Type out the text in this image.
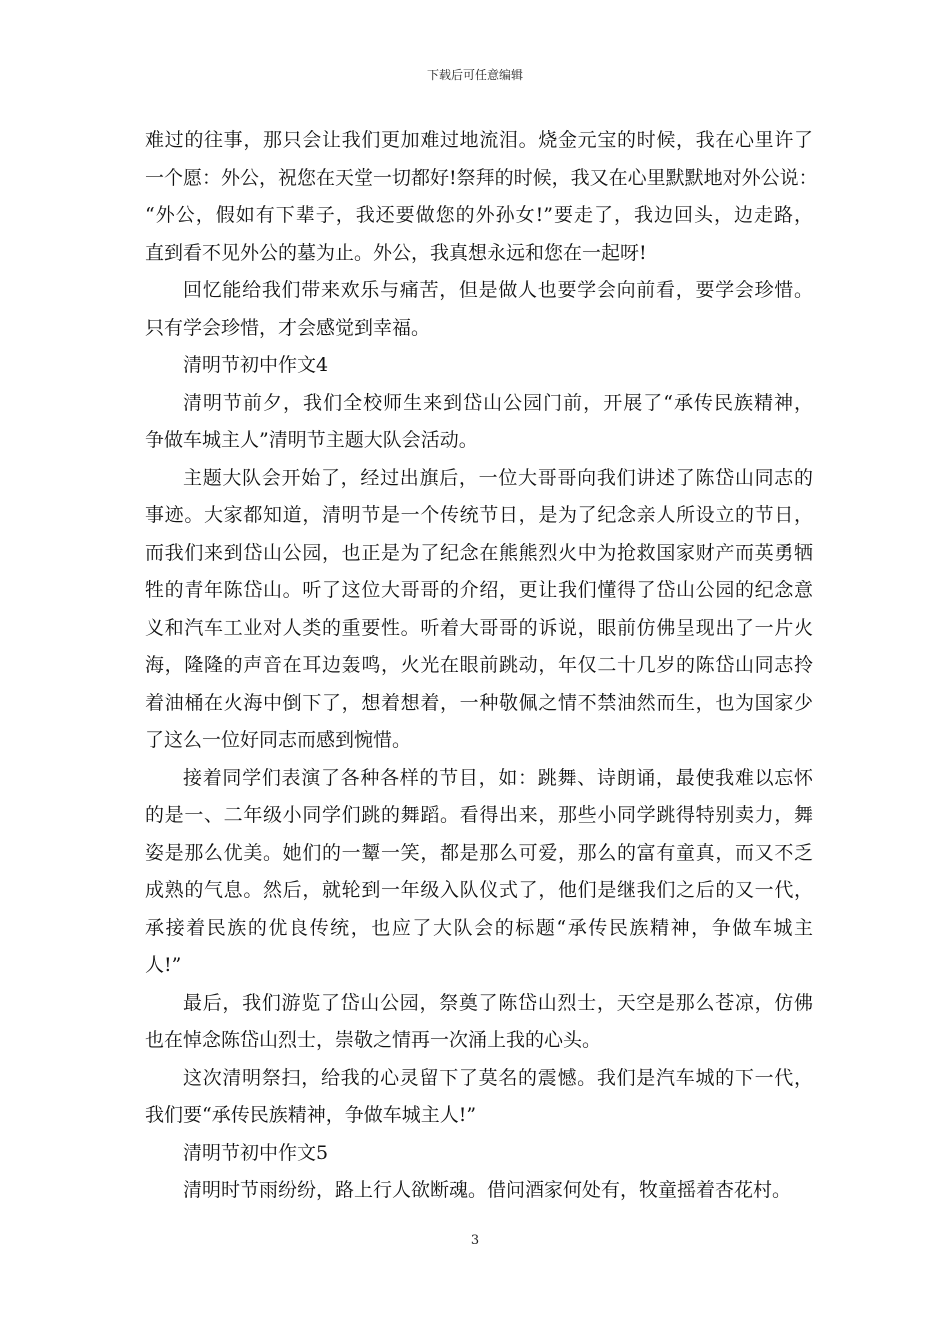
下载后可任意编辑
难过的往事，那只会让我们更加难过地流泪。烧金元宝的时候，我在心里许了
一个愿：外公，祝您在天堂一切都好!祭拜的时候，我又在心里默默地对外公说：
“外公，假如有下辈子，我还要做您的外孙女!”要走了，我边回头，边走路，
直到看不见外公的墓为止。外公，我真想永远和您在一起呀!
回忆能给我们带来欢乐与痛苦，但是做人也要学会向前看，要学会珍惜。
只有学会珍惜，才会感觉到幸福。
清明节初中作文4
清明节前夕，我们全校师生来到岱山公园门前，开展了“承传民族精神，
争做车城主人”清明节主题大队会活动。
主题大队会开始了，经过出旗后，一位大哥哥向我们讲述了陈岱山同志的
事迹。大家都知道，清明节是一个传统节日，是为了纪念亲人所设立的节日，
而我们来到岱山公园，也正是为了纪念在熊熊烈火中为抢救国家财产而英勇牺
牲的青年陈岱山。听了这位大哥哥的介绍，更让我们懂得了岱山公园的纪念意
义和汽车工业对人类的重要性。听着大哥哥的诉说，眼前仿佛呈现出了一片火
海，隆隆的声音在耳边轰鸣，火光在眼前跳动，年仅二十几岁的陈岱山同志拎
着油桶在火海中倒下了，想着想着，一种敬佩之情不禁油然而生，也为国家少
了这么一位好同志而感到惋惜。
接着同学们表演了各种各样的节目，如：跳舞、诗朗诵，最使我难以忘怀
的是一、二年级小同学们跳的舞蹈。看得出来，那些小同学跳得特别卖力，舞
姿是那么优美。她们的一颦一笑，都是那么可爱，那么的富有童真，而又不乏
成熟的气息。然后，就轮到一年级入队仪式了，他们是继我们之后的又一代，
承接着民族的优良传统，也应了大队会的标题“承传民族精神，争做车城主
人!”
最后，我们游览了岱山公园，祭奠了陈岱山烈士，天空是那么苍凉，仿佛
也在悼念陈岱山烈士，崇敬之情再一次涌上我的心头。
这次清明祭扫，给我的心灵留下了莫名的震憾。我们是汽车城的下一代，
我们要“承传民族精神，争做车城主人!”
清明节初中作文5
清明时节雨纷纷，路上行人欲断魂。借问酒家何处有，牧童摇着杏花村。
3
